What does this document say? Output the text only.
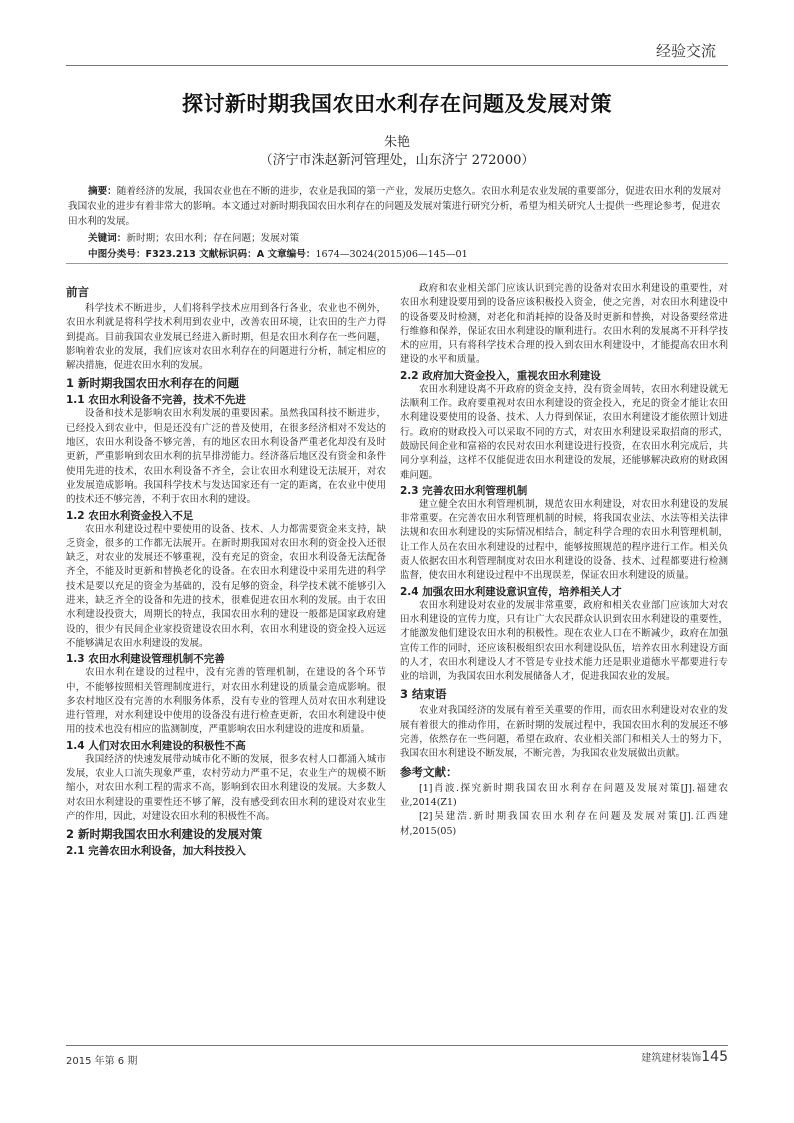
经验交流
探讨新时期我国农田水利存在问题及发展对策
朱艳
（济宁市洙赵新河管理处，山东济宁 272000）
摘要：随着经济的发展，我国农业也在不断的进步，农业是我国的第一产业，发展历史悠久。农田水利是农业发展的重要部分，促进农田水利的发展对我国农业的进步有着非常大的影响。本文通过对新时期我国农田水利存在的问题及发展对策进行研究分析，希望为相关研究人士提供一些理论参考，促进农田水利的发展。
关键词：新时期；农田水利；存在问题；发展对策
中图分类号：F323.213 文献标识码：A 文章编号：1674—3024(2015)06—145—01
前言

科学技术不断进步，人们将科学技术应用到各行各业，农业也不例外，农田水利就是将科学技术利用到农业中，改善农田环境，让农田的生产力得到提高。目前我国农业发展已经进入新时期，但是农田水利存在一些问题，影响着农业的发展，我们应该对农田水利存在的问题进行分析，制定相应的解决措施，促进农田水利的发展。

1 新时期我国农田水利存在的问题
1.1 农田水利设备不完善，技术不先进

设备和技术是影响农田水利发展的重要因素。虽然我国科技不断进步，已经投入到农业中，但是还没有广泛的普及使用，在很多经济相对不发达的地区，农田水利设备不够完善，有的地区农田水利设备严重老化却没有及时更新，严重影响到农田水利的抗旱排涝能力。经济落后地区没有资金和条件使用先进的技术，农田水利设备不齐全，会让农田水利建设无法展开，对农业发展造成影响。我国科学技术与发达国家还有一定的距离，在农业中使用的技术还不够完善，不利于农田水利的建设。

1.2 农田水利资金投入不足

农田水利建设过程中要使用的设备、技术、人力都需要资金来支持，缺乏资金，很多的工作都无法展开。在新时期我国对农田水利的资金投入还很缺乏，对农业的发展还不够重视，没有充足的资金，农田水利设备无法配备齐全，不能及时更新和替换老化的设备。在农田水利建设中采用先进的科学技术是要以充足的资金为基础的，没有足够的资金，科学技术就不能够引入进来，缺乏齐全的设备和先进的技术，很难促进农田水利的发展。由于农田水利建设投资大，周期长的特点，我国农田水利的建设一般都是国家政府建设的，很少有民间企业家投资建设农田水利，农田水利建设的资金投入远远不能够满足农田水利建设的发展。

1.3 农田水利建设管理机制不完善

农田水利在建设的过程中，没有完善的管理机制，在建设的各个环节中，不能够按照相关管理制度进行，对农田水利建设的质量会造成影响。很多农村地区没有完善的水利服务体系，没有专业的管理人员对农田水利建设进行管理，对水利建设中使用的设备没有进行检查更新，农田水利建设中使用的技术也没有相应的监测制度，严重影响农田水利建设的进度和质量。

1.4 人们对农田水利建设的积极性不高

我国经济的快速发展带动城市化不断的发展，很多农村人口都涌入城市发展，农业人口流失现象严重，农村劳动力严重不足，农业生产的规模不断缩小，对农田水利工程的需求不高，影响到农田水利建设的发展。大多数人对农田水利建设的重要性还不够了解，没有感受到农田水利的建设对农业生产的作用，因此，对建设农田水利的积极性不高。

2 新时期我国农田水利建设的发展对策
2.1 完善农田水利设备，加大科技投入

政府和农业相关部门应该认识到完善的设备对农田水利建设的重要性，对农田水利建设要用到的设备应该积极投入资金，使之完善，对农田水利建设中的设备要及时检测，对老化和消耗掉的设备及时更新和替换，对设备要经常进行维修和保养，保证农田水利建设的顺利进行。农田水利的发展离不开科学技术的应用，只有将科学技术合理的投入到农田水利建设中，才能提高农田水利建设的水平和质量。

2.2 政府加大资金投入，重视农田水利建设

农田水利建设离不开政府的资金支持，没有资金周转，农田水利建设就无法顺利工作。政府要重视对农田水利建设的资金投入，充足的资金才能让农田水利建设要使用的设备、技术、人力得到保证，农田水利建设才能依照计划进行。政府的财政投入可以采取不同的方式，对农田水利建设采取招商的形式，鼓励民间企业和富裕的农民对农田水利建设进行投资，在农田水利完成后，共同分享利益，这样不仅能促进农田水利建设的发展，还能够解决政府的财政困难问题。

2.3 完善农田水利管理机制

建立健全农田水利管理机制，规范农田水利建设，对农田水利建设的发展非常重要。在完善农田水利管理机制的时候，将我国农业法、水法等相关法律法规和农田水利建设的实际情况相结合，制定科学合理的农田水利管理机制，让工作人员在农田水利建设的过程中，能够按照规范的程序进行工作。相关负责人依据农田水利管理制度对农田水利建设的设备、技术、过程都要进行检测监督，使农田水利建设过程中不出现误差，保证农田水利建设的质量。

2.4 加强农田水利建设意识宣传，培养相关人才

农田水利建设对农业的发展非常重要，政府和相关农业部门应该加大对农田水利建设的宣传力度，只有让广大农民群众认识到农田水利建设的重要性，才能激发他们建设农田水利的积极性。现在农业人口在不断减少，政府在加强宣传工作的同时，还应该积极组织农田水利建设队伍，培养农田水利建设方面的人才，农田水利建设人才不管是专业技术能力还是职业道德水平都要进行专业的培训，为我国农田水利发展储备人才，促进我国农业的发展。

3 结束语

农业对我国经济的发展有着至关重要的作用，而农田水利建设对农业的发展有着很大的推动作用，在新时期的发展过程中，我国农田水利的发展还不够完善，依然存在一些问题，希望在政府、农业相关部门和相关人士的努力下，我国农田水利建设不断发展，不断完善，为我国农业发展做出贡献。

参考文献：

[1]肖波.探究新时期我国农田水利存在问题及发展对策[J].福建农业,2014(Z1)

[2]吴建浩.新时期我国农田水利存在问题及发展对策[J].江西建材,2015(05)

2015 年第 6 期	建筑建材装饰145
